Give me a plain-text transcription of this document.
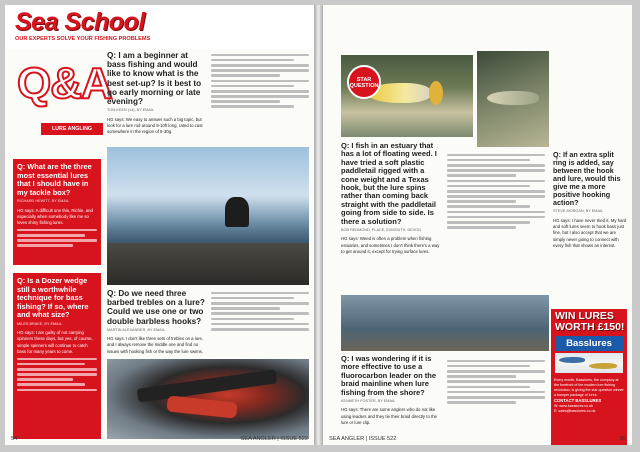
Sea School
OUR EXPERTS SOLVE YOUR FISHING PROBLEMS
Q&A
LURE ANGLING
Q: What are the three most essential lures that I should have in my tackle box?
RICHARD HEWITT, BY EMAIL
HG says: A difficult one this, Richie, and especially when somebody like me so loves shiny fishing lures.
Q: Is a Dozer wedge still a worthwhile technique for bass fishing? If so, where and what size?
MILES BRAKE, BY EMAIL
HG says: I am guilty of not carrying spinners these days, but yes, of course, simple spinners will continue to catch bass for many years to come.
Q: I am a beginner at bass fishing and would like to know what is the best set-up? Is it best to go early morning or late evening?
TOM KEEN (14), BY EMAIL
HG says: We easy to answer such a big topic, but look for a lure rod around 9-10ft long, rated to cast somewhere in the region of 5-30g.
Q: Do we need three barbed trebles on a lure? Could we use one or two double barbless hooks?
MARTIN ALEXANDER, BY EMAIL
HG says: I don't like three sets of trebles on a lure, and I always remove the middle one and find no issues with hooking fish or the way the lure swims.
54	SEA ANGLER | ISSUE 522
STAR QUESTION
Q: I fish in an estuary that has a lot of floating weed. I have tried a soft plastic paddletail rigged with a cone weight and a Texas hook, but the lure spins rather than coming back straight with the paddletail going from side to side. Is there a solution?
BOB REDMOND, PLACE, EXMOUTH, DEVON
HG says: Weed is often a problem when fishing estuaries, and sometimes I don't think there's a way to get around it, except for trying surface lures.
Q: I was wondering if it is more effective to use a fluorocarbon leader on the braid mainline when lure fishing from the shore?
KENNETH FOSTER, BY EMAIL
HG says: There are some anglers who do not like using leaders and they tie their braid directly to the lure or lure clip.
Q: If an extra split ring is added, say between the hook and lure, would this give me a more positive hooking action?
STEVE MORGAN, BY EMAIL
HG says: I have never tried it. My hard and soft lures seem to hook bass just fine, but I also accept that we are simply never going to connect with every fish that shows an interest.
WIN LURES WORTH £150!
Basslures
Every month, Basslures, the company at the forefront of the modern lure fishing revolution, is giving the star question winner a bumper package of lures.
CONTACT BASSLURES
W: www.basslures.co.uk
E: sales@basslures.co.uk
SEA ANGLER | ISSUE 522	55
